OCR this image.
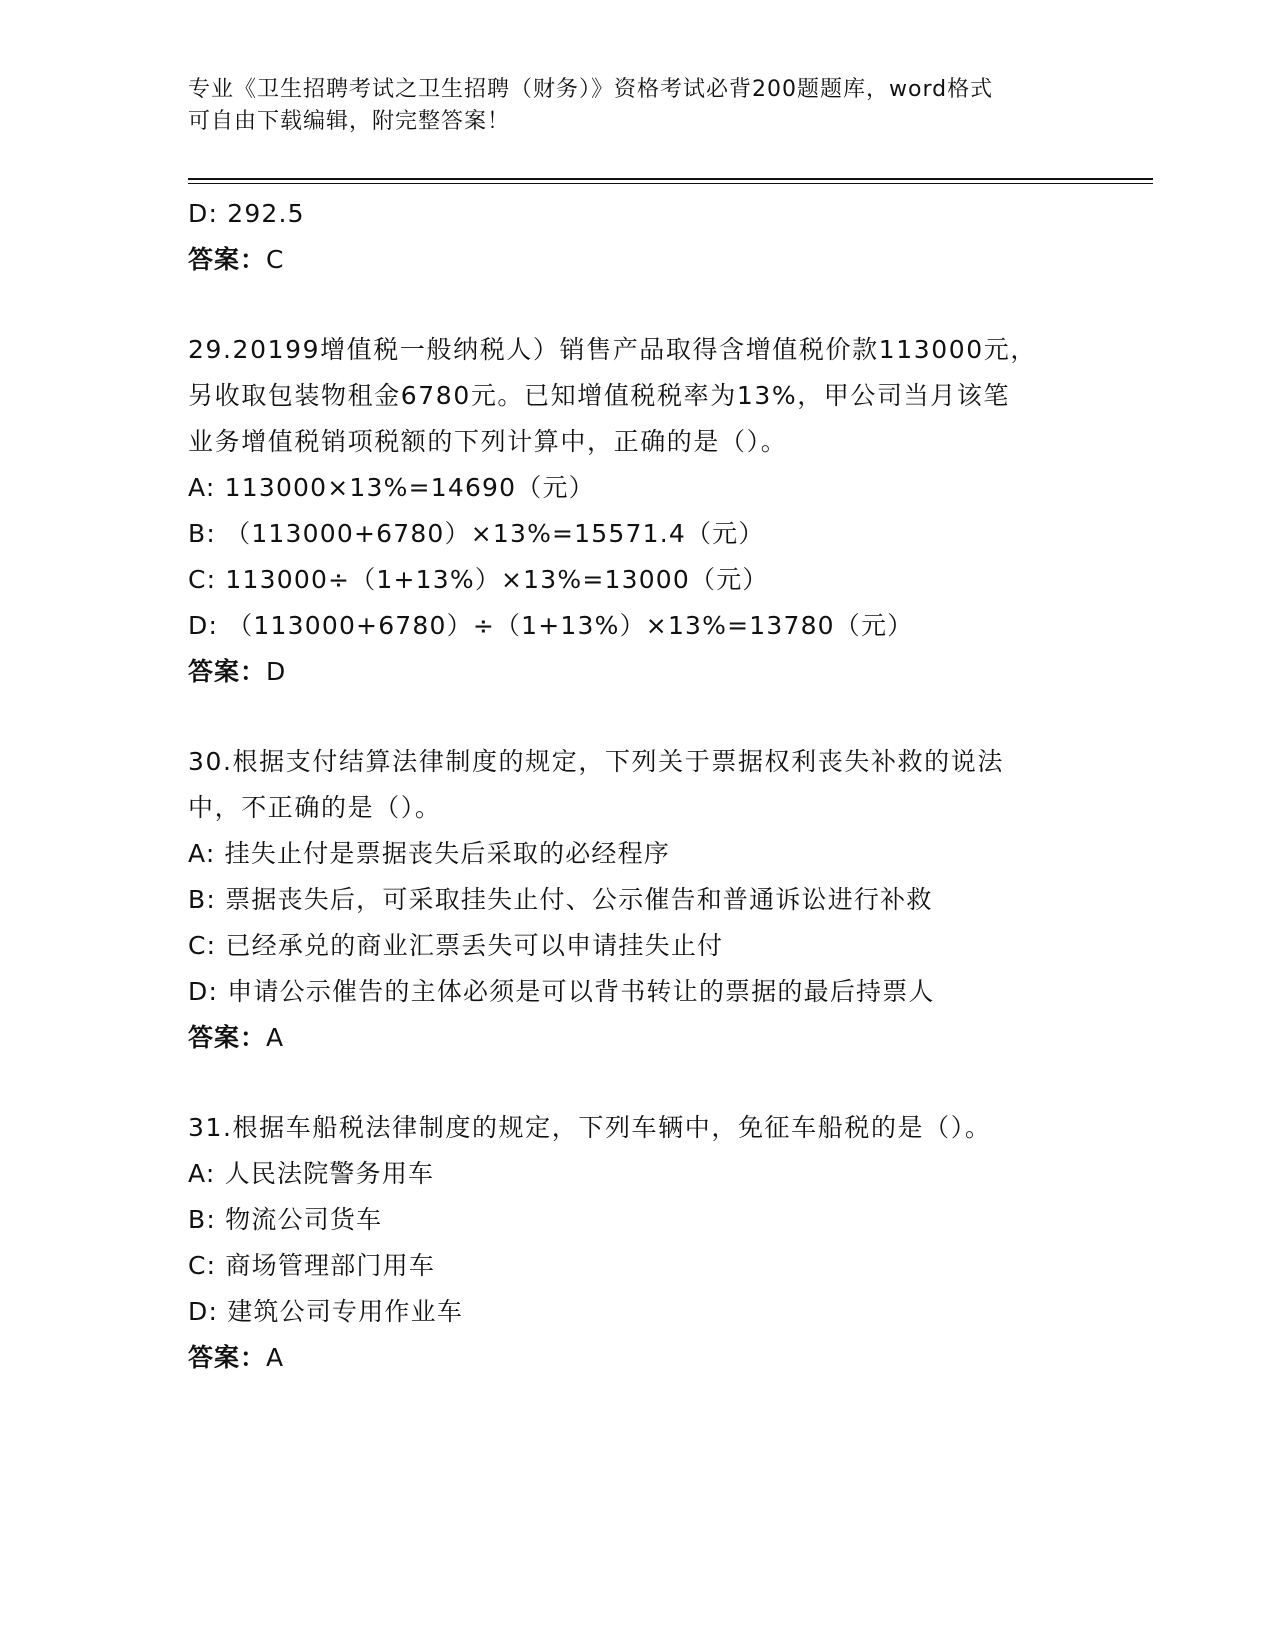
专业《卫生招聘考试之卫生招聘（财务）》资格考试必背200题题库，word格式
可自由下载编辑，附完整答案！
D: 292.5
答案：C
29.20199增值税一般纳税人）销售产品取得含增值税价款113000元，
另收取包装物租金6780元。已知增值税税率为13%，甲公司当月该笔
业务增值税销项税额的下列计算中，正确的是（）。
A: 113000×13%=14690（元）
B: （113000+6780）×13%=15571.4（元）
C: 113000÷（1+13%）×13%=13000（元）
D: （113000+6780）÷（1+13%）×13%=13780（元）
答案：D
30.根据支付结算法律制度的规定，下列关于票据权利丧失补救的说法
中，不正确的是（）。
A: 挂失止付是票据丧失后采取的必经程序
B: 票据丧失后，可采取挂失止付、公示催告和普通诉讼进行补救
C: 已经承兑的商业汇票丢失可以申请挂失止付
D: 申请公示催告的主体必须是可以背书转让的票据的最后持票人
答案：A
31.根据车船税法律制度的规定，下列车辆中，免征车船税的是（）。
A: 人民法院警务用车
B: 物流公司货车
C: 商场管理部门用车
D: 建筑公司专用作业车
答案：A
